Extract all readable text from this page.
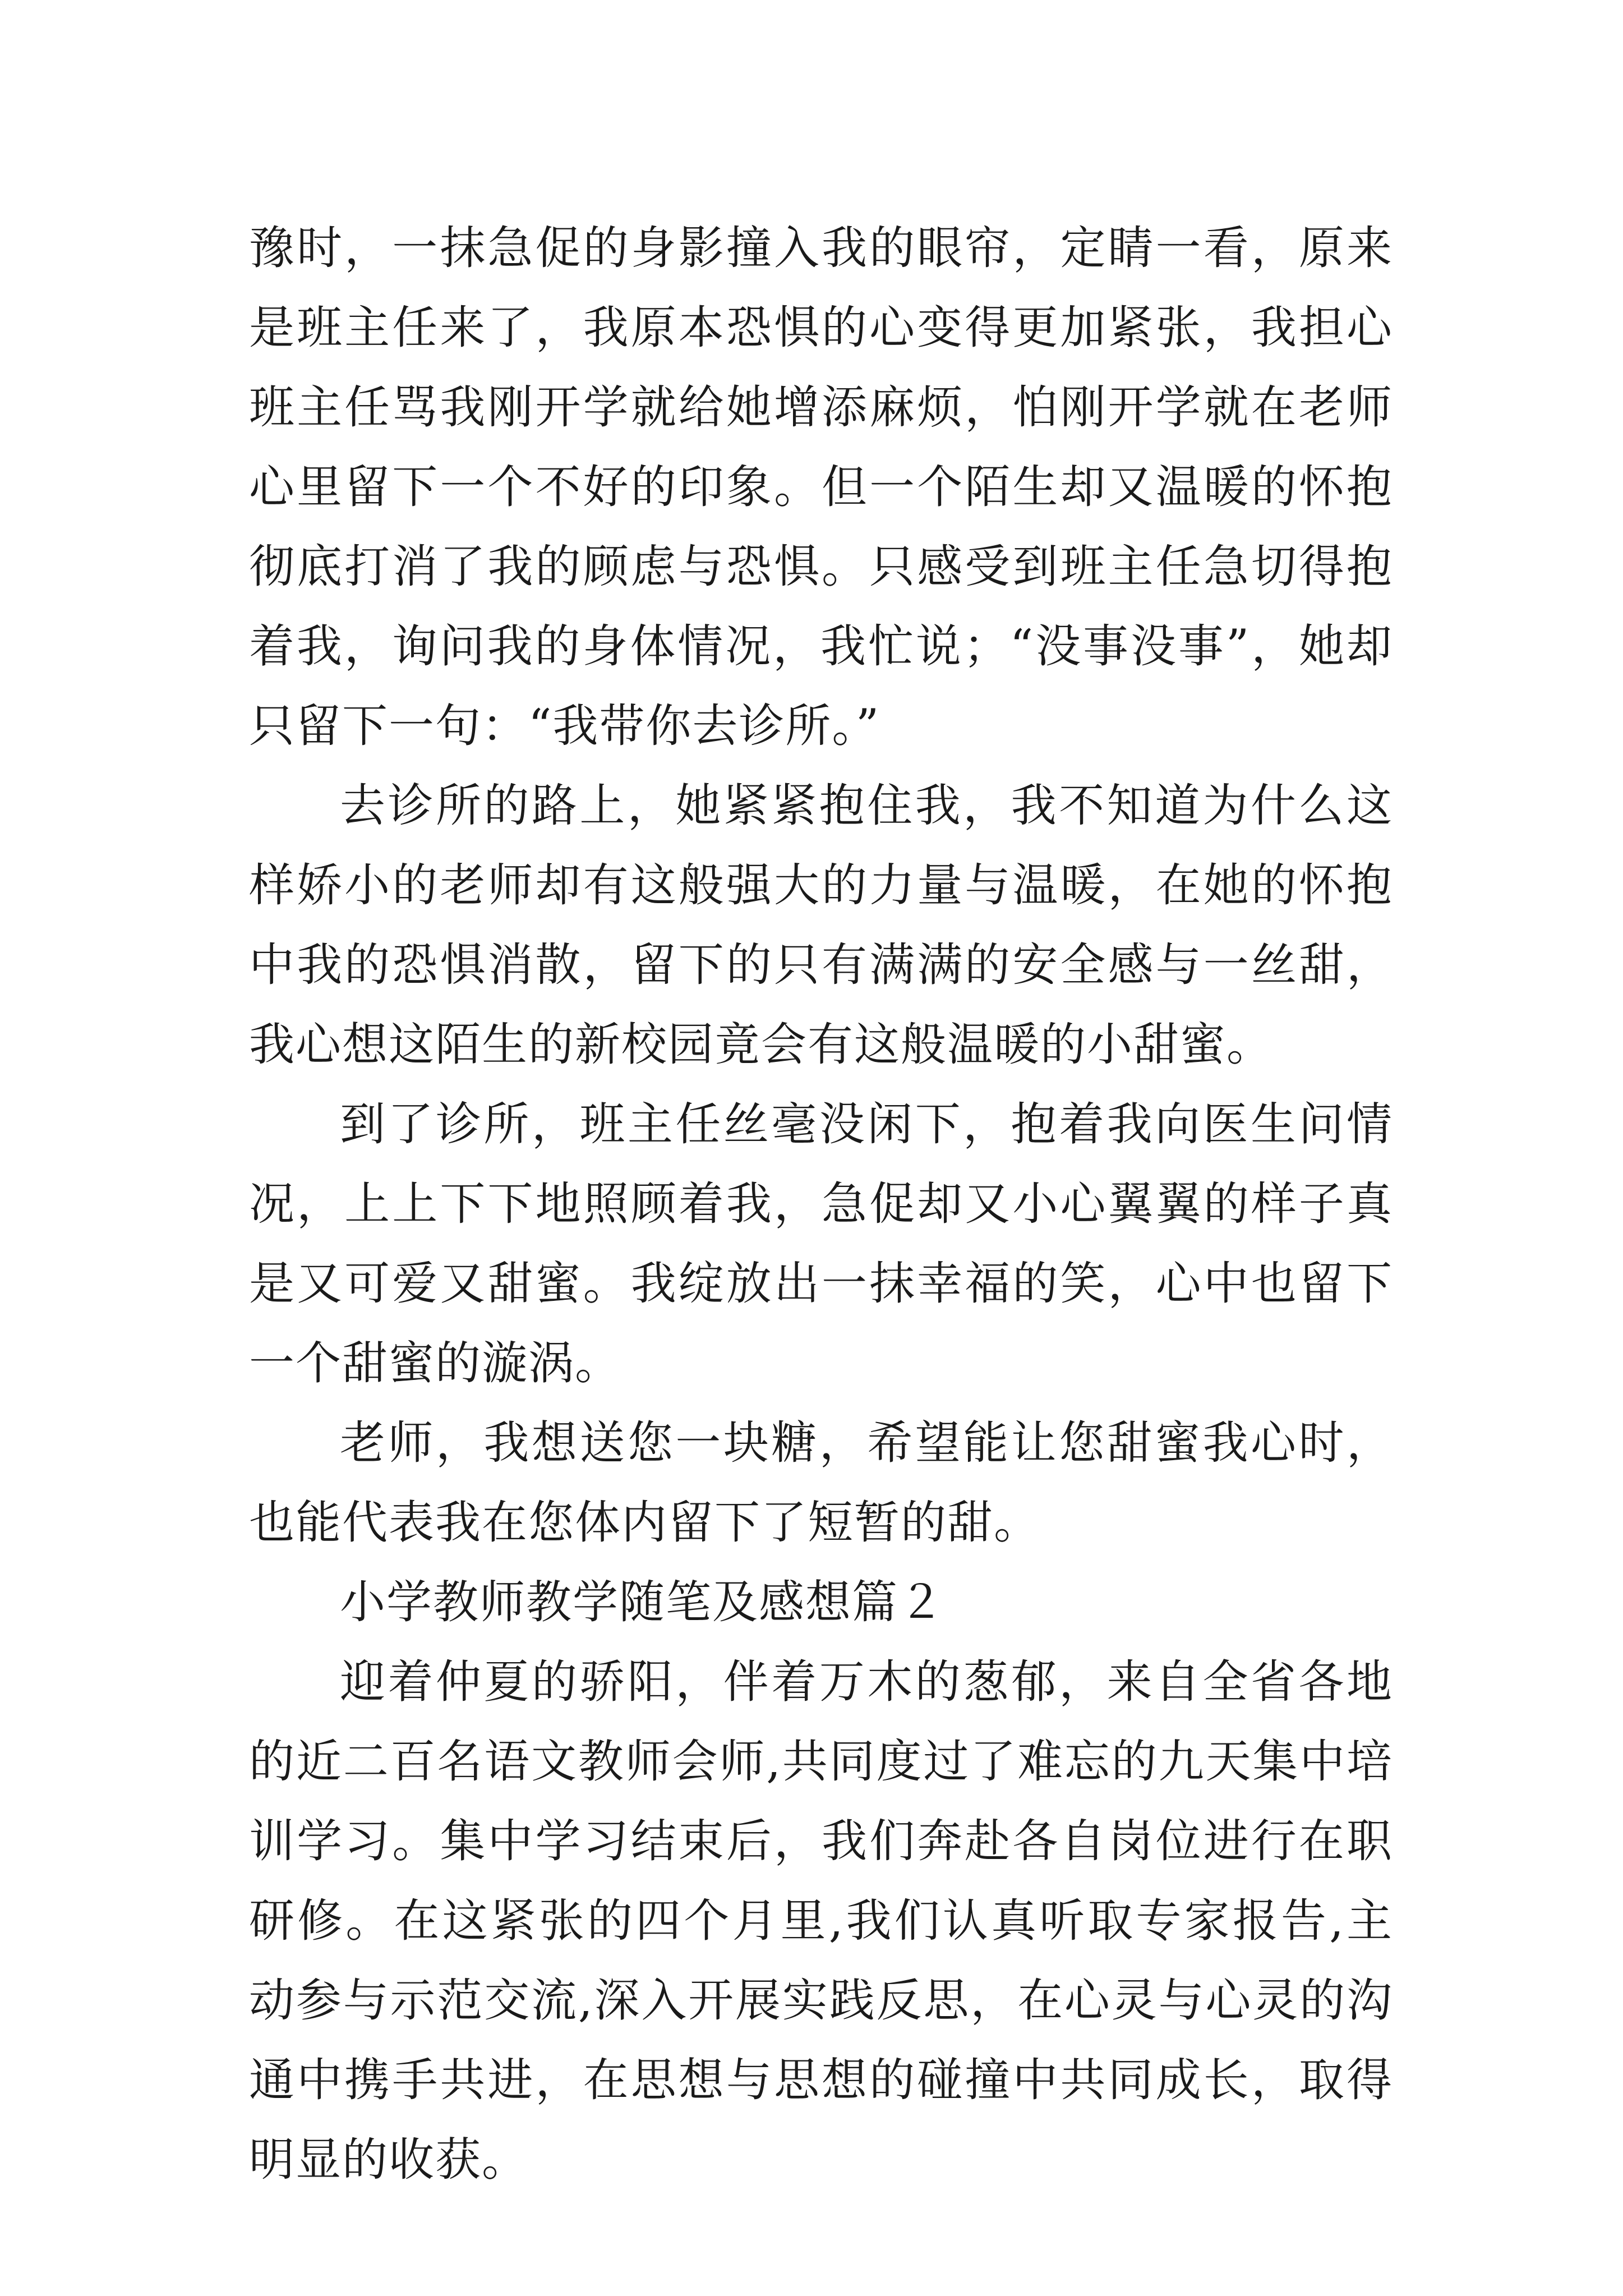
豫时，一抹急促的身影撞入我的眼帘，定睛一看，原来是班主任来了，我原本恐惧的心变得更加紧张，我担心班主任骂我刚开学就给她增添麻烦，怕刚开学就在老师心里留下一个不好的印象。但一个陌生却又温暖的怀抱彻底打消了我的顾虑与恐惧。只感受到班主任急切得抱着我，询问我的身体情况，我忙说；“没事没事”，她却只留下一句：“我带你去诊所。”

去诊所的路上，她紧紧抱住我，我不知道为什么这样娇小的老师却有这般强大的力量与温暖，在她的怀抱中我的恐惧消散，留下的只有满满的安全感与一丝甜，我心想这陌生的新校园竟会有这般温暖的小甜蜜。

到了诊所，班主任丝毫没闲下，抱着我向医生问情况，上上下下地照顾着我，急促却又小心翼翼的样子真是又可爱又甜蜜。我绽放出一抹幸福的笑，心中也留下一个甜蜜的漩涡。

老师，我想送您一块糖，希望能让您甜蜜我心时，也能代表我在您体内留下了短暂的甜。

小学教师教学随笔及感想篇２

迎着仲夏的骄阳，伴着万木的葱郁，来自全省各地的近二百名语文教师会师,共同度过了难忘的九天集中培训学习。集中学习结束后，我们奔赴各自岗位进行在职研修。在这紧张的四个月里,我们认真听取专家报告,主动参与示范交流,深入开展实践反思，在心灵与心灵的沟通中携手共进，在思想与思想的碰撞中共同成长，取得明显的收获。
